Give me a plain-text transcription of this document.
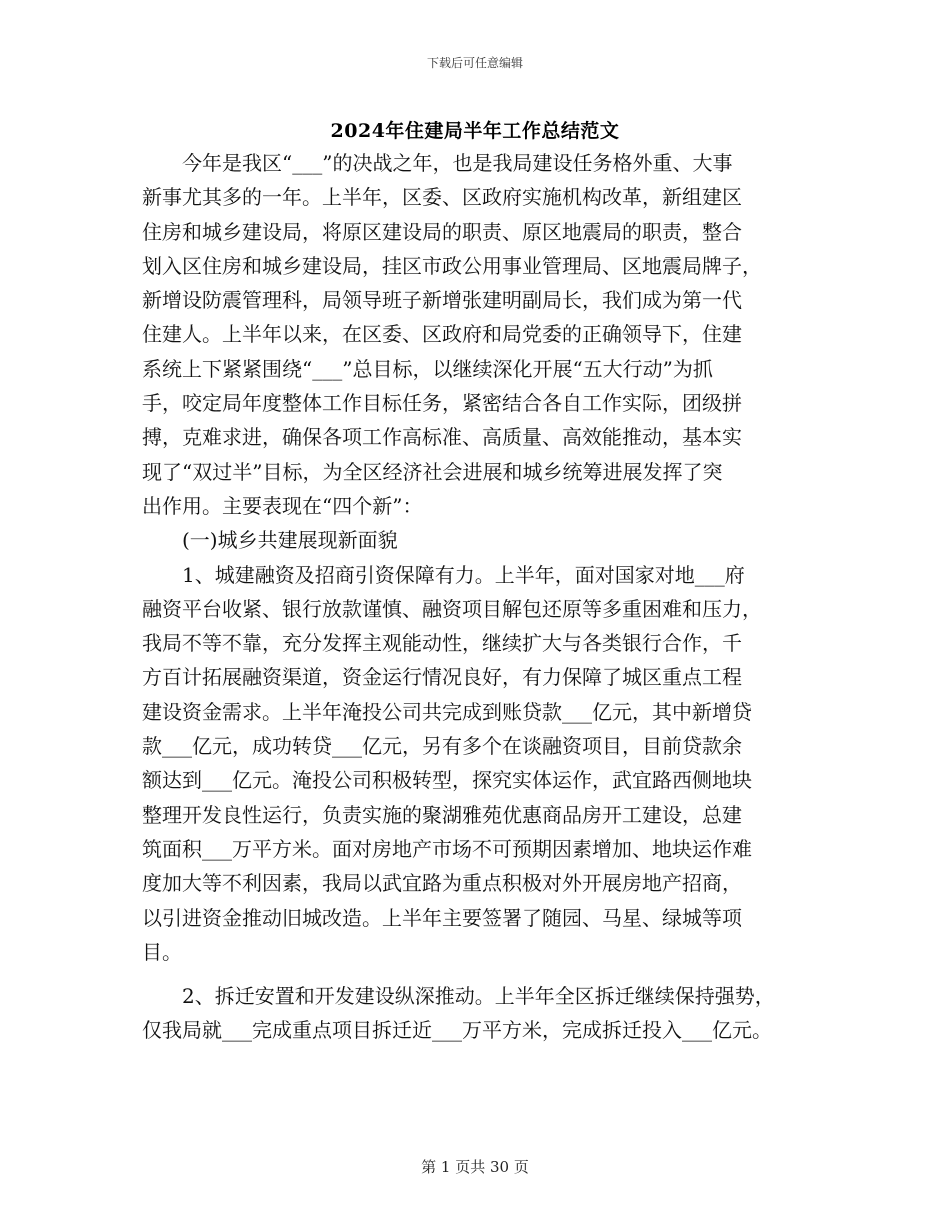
下载后可任意编辑
2024年住建局半年工作总结范文
　　今年是我区“___”的决战之年，也是我局建设任务格外重、大事
新事尤其多的一年。上半年，区委、区政府实施机构改革，新组建区
住房和城乡建设局，将原区建设局的职责、原区地震局的职责，整合
划入区住房和城乡建设局，挂区市政公用事业管理局、区地震局牌子，
新增设防震管理科，局领导班子新增张建明副局长，我们成为第一代
住建人。上半年以来，在区委、区政府和局党委的正确领导下，住建
系统上下紧紧围绕“___”总目标，以继续深化开展“五大行动”为抓
手，咬定局年度整体工作目标任务，紧密结合各自工作实际，团级拼
搏，克难求进，确保各项工作高标准、高质量、高效能推动，基本实
现了“双过半”目标，为全区经济社会进展和城乡统筹进展发挥了突
出作用。主要表现在“四个新”：
　　(一)城乡共建展现新面貌
　　1、城建融资及招商引资保障有力。上半年，面对国家对地___府
融资平台收紧、银行放款谨慎、融资项目解包还原等多重困难和压力，
我局不等不靠，充分发挥主观能动性，继续扩大与各类银行合作，千
方百计拓展融资渠道，资金运行情况良好，有力保障了城区重点工程
建设资金需求。上半年淹投公司共完成到账贷款___亿元，其中新增贷
款___亿元，成功转贷___亿元，另有多个在谈融资项目，目前贷款余
额达到___亿元。淹投公司积极转型，探究实体运作，武宜路西侧地块
整理开发良性运行，负责实施的聚湖雅苑优惠商品房开工建设，总建
筑面积___万平方米。面对房地产市场不可预期因素增加、地块运作难
度加大等不利因素，我局以武宜路为重点积极对外开展房地产招商，
以引进资金推动旧城改造。上半年主要签署了随园、马星、绿城等项
目。
　　2、拆迁安置和开发建设纵深推动。上半年全区拆迁继续保持强势，
仅我局就___完成重点项目拆迁近___万平方米，完成拆迁投入___亿元。
第 1 页共 30 页
